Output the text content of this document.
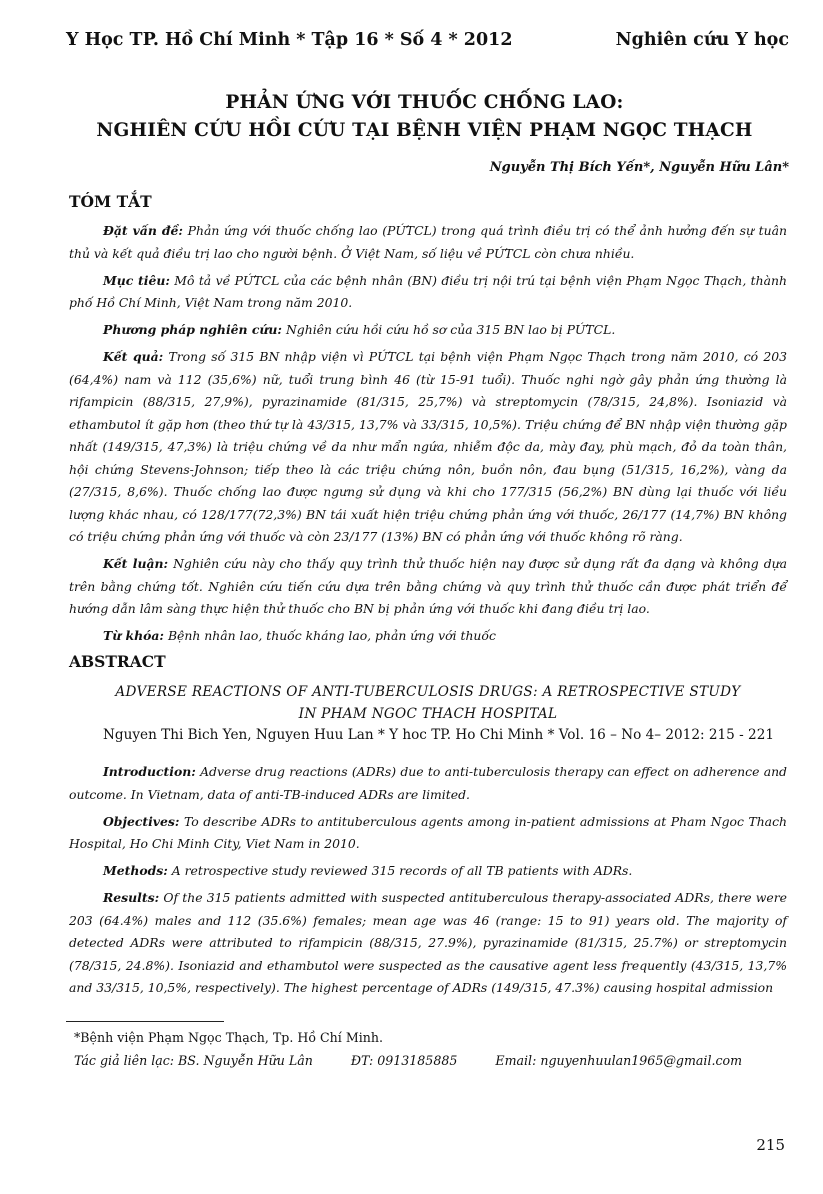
Y Học TP. Hồ Chí Minh * Tập 16 * Số 4 * 2012	Nghiên cứu Y học
PHẢN ỨNG VỚI THUỐC CHỐNG LAO:
NGHIÊN CỨU HỒI CỨU TẠI BỆNH VIỆN PHẠM NGỌC THẠCH
Nguyễn Thị Bích Yến*, Nguyễn Hữu Lân*
TÓM TẮT

Đặt vấn đề: Phản ứng với thuốc chống lao (PỨTCL) trong quá trình điều trị có thể ảnh hưởng đến sự tuân thủ và kết quả điều trị lao cho người bệnh. Ở Việt Nam, số liệu về PỨTCL còn chưa nhiều.

Mục tiêu: Mô tả về PỨTCL của các bệnh nhân (BN) điều trị nội trú tại bệnh viện Phạm Ngọc Thạch, thành phố Hồ Chí Minh, Việt Nam trong năm 2010.

Phương pháp nghiên cứu: Nghiên cứu hồi cứu hồ sơ của 315 BN lao bị PỨTCL.

Kết quả: Trong số 315 BN nhập viện vì PỨTCL tại bệnh viện Phạm Ngọc Thạch trong năm 2010, có 203 (64,4%) nam và 112 (35,6%) nữ, tuổi trung bình 46 (từ 15-91 tuổi). Thuốc nghi ngờ gây phản ứng thường là rifampicin (88/315, 27,9%), pyrazinamide (81/315, 25,7%) và streptomycin (78/315, 24,8%). Isoniazid và ethambutol ít gặp hơn (theo thứ tự là 43/315, 13,7% và 33/315, 10,5%). Triệu chứng để BN nhập viện thường gặp nhất (149/315, 47,3%) là triệu chứng về da như mẩn ngứa, nhiễm độc da, mày đay, phù mạch, đỏ da toàn thân, hội chứng Stevens-Johnson; tiếp theo là các triệu chứng nôn, buồn nôn, đau bụng (51/315, 16,2%), vàng da (27/315, 8,6%). Thuốc chống lao được ngưng sử dụng và khi cho 177/315 (56,2%) BN dùng lại thuốc với liều lượng khác nhau, có 128/177(72,3%) BN tái xuất hiện triệu chứng phản ứng với thuốc, 26/177 (14,7%) BN không có triệu chứng phản ứng với thuốc và còn 23/177 (13%) BN có phản ứng với thuốc không rõ ràng.

Kết luận: Nghiên cứu này cho thấy quy trình thử thuốc hiện nay được sử dụng rất đa dạng và không dựa trên bằng chứng tốt. Nghiên cứu tiến cứu dựa trên bằng chứng và quy trình thử thuốc cần được phát triển để hướng dẫn lâm sàng thực hiện thử thuốc cho BN bị phản ứng với thuốc khi đang điều trị lao.

Từ khóa: Bệnh nhân lao, thuốc kháng lao, phản ứng với thuốc

ABSTRACT
ADVERSE REACTIONS OF ANTI-TUBERCULOSIS DRUGS: A RETROSPECTIVE STUDY
IN PHAM NGOC THACH HOSPITAL
Nguyen Thi Bich Yen, Nguyen Huu Lan * Y hoc TP. Ho Chi Minh * Vol. 16 – No 4– 2012: 215 - 221

Introduction: Adverse drug reactions (ADRs) due to anti-tuberculosis therapy can effect on adherence and outcome. In Vietnam, data of anti-TB-induced ADRs are limited.

Objectives: To describe ADRs to antituberculous agents among in-patient admissions at Pham Ngoc Thach Hospital, Ho Chi Minh City, Viet Nam in 2010.

Methods: A retrospective study reviewed 315 records of all TB patients with ADRs.

Results: Of the 315 patients admitted with suspected antituberculous therapy-associated ADRs, there were 203 (64.4%) males and 112 (35.6%) females; mean age was 46 (range: 15 to 91) years old. The majority of detected ADRs were attributed to rifampicin (88/315, 27.9%), pyrazinamide (81/315, 25.7%) or streptomycin (78/315, 24.8%). Isoniazid and ethambutol were suspected as the causative agent less frequently (43/315, 13,7% and 33/315, 10,5%, respectively). The highest percentage of ADRs (149/315, 47.3%) causing hospital admission

*Bệnh viện Phạm Ngọc Thạch, Tp. Hồ Chí Minh.
Tác giả liên lạc: BS. Nguyễn Hữu Lân	ĐT: 0913185885	Email: nguyenhuulan1965@gmail.com
215
